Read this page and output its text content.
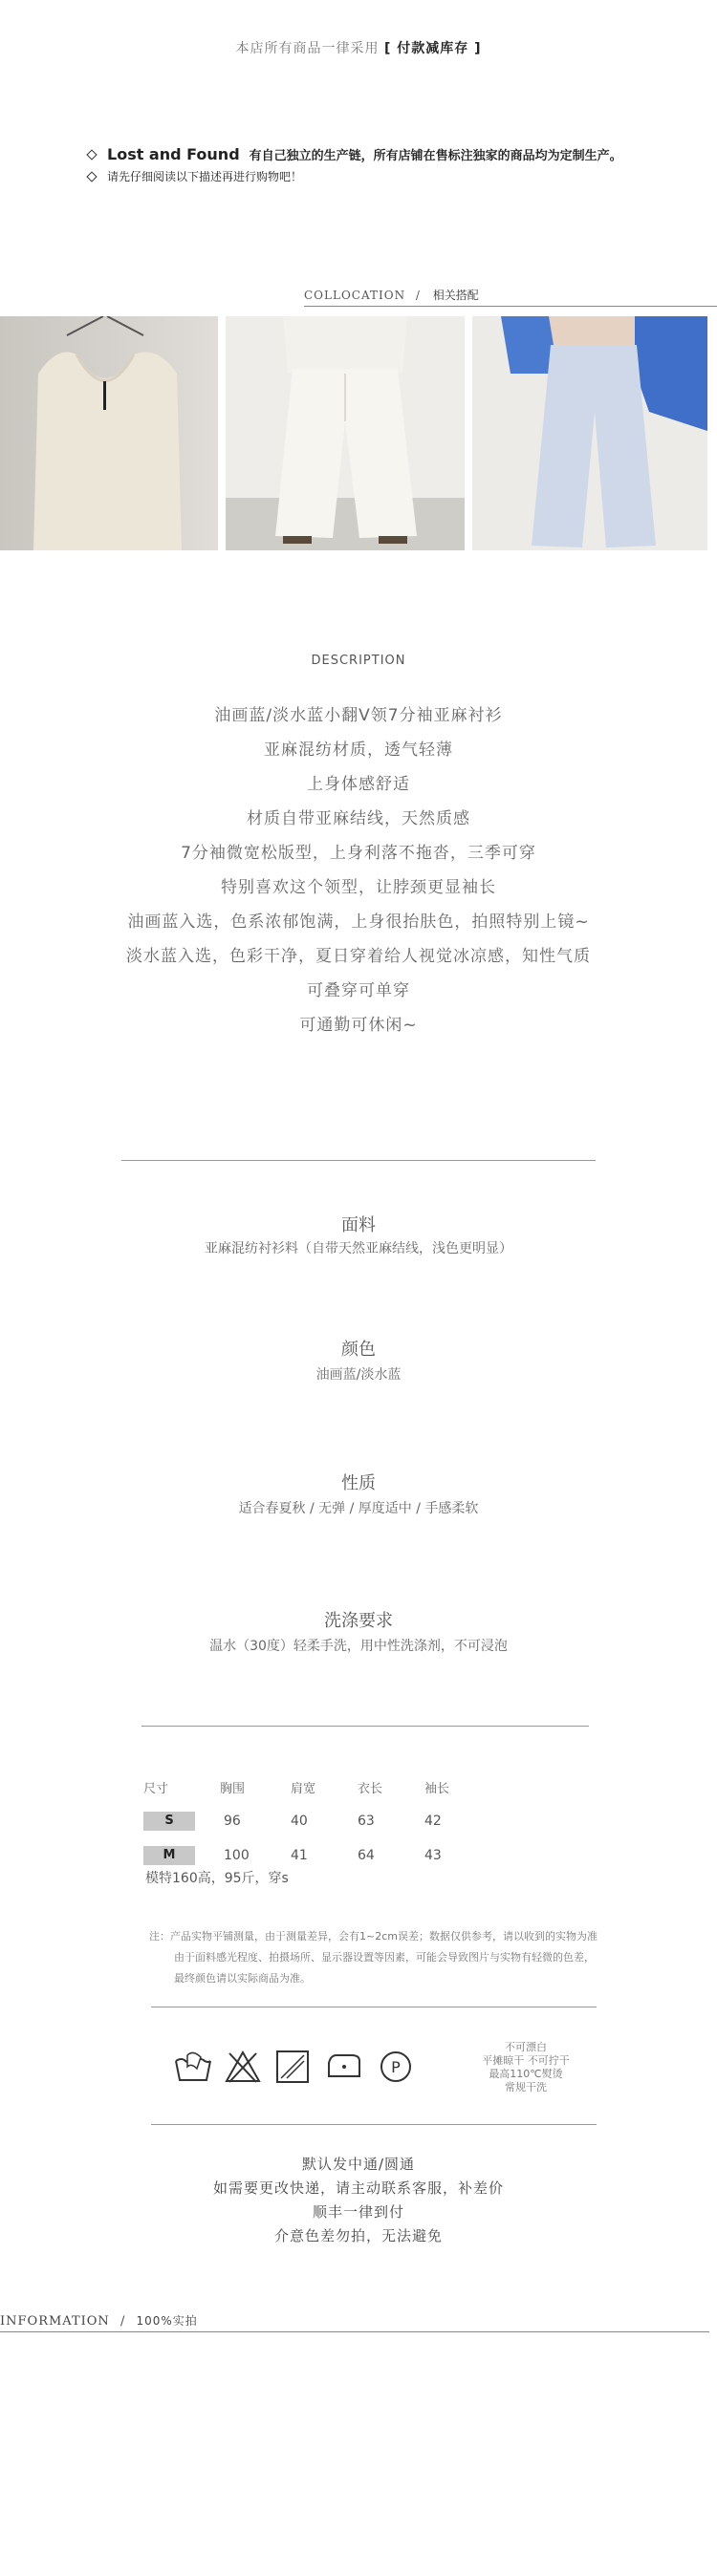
本店所有商品一律采用 [ 付款减库存 ]
Lost and Found 有自己独立的生产链，所有店铺在售标注独家的商品均为定制生产。
请先仔细阅读以下描述再进行购物吧！
COLLOCATION / 相关搭配
DESCRIPTION
油画蓝/淡水蓝小翻V领7分袖亚麻衬衫
亚麻混纺材质，透气轻薄
上身体感舒适
材质自带亚麻结线，天然质感
7分袖微宽松版型，上身利落不拖沓，三季可穿
特别喜欢这个领型，让脖颈更显袖长
油画蓝入选，色系浓郁饱满，上身很抬肤色，拍照特别上镜~
淡水蓝入选，色彩干净，夏日穿着给人视觉冰凉感，知性气质
可叠穿可单穿
可通勤可休闲~
面料
亚麻混纺衬衫料（自带天然亚麻结线，浅色更明显）
颜色
油画蓝/淡水蓝
性质
适合春夏秋 / 无弹 / 厚度适中 / 手感柔软
洗涤要求
温水（30度）轻柔手洗，用中性洗涤剂，不可浸泡
尺寸	胸围	肩宽	衣长	袖长
S	96	40	63	42
M	100	41	64	43
模特160高，95斤，穿s
注：产品实物平铺测量，由于测量差异，会有1~2cm误差；数据仅供参考，请以收到的实物为准
由于面料感光程度、拍摄场所、显示器设置等因素，可能会导致图片与实物有轻微的色差，
最终颜色请以实际商品为准。
P
不可漂白
平摊晾干 不可拧干
最高110℃熨烫
常规干洗
默认发中通/圆通
如需要更改快递，请主动联系客服，补差价
顺丰一律到付
介意色差勿拍，无法避免
INFORMATION / 100%实拍
